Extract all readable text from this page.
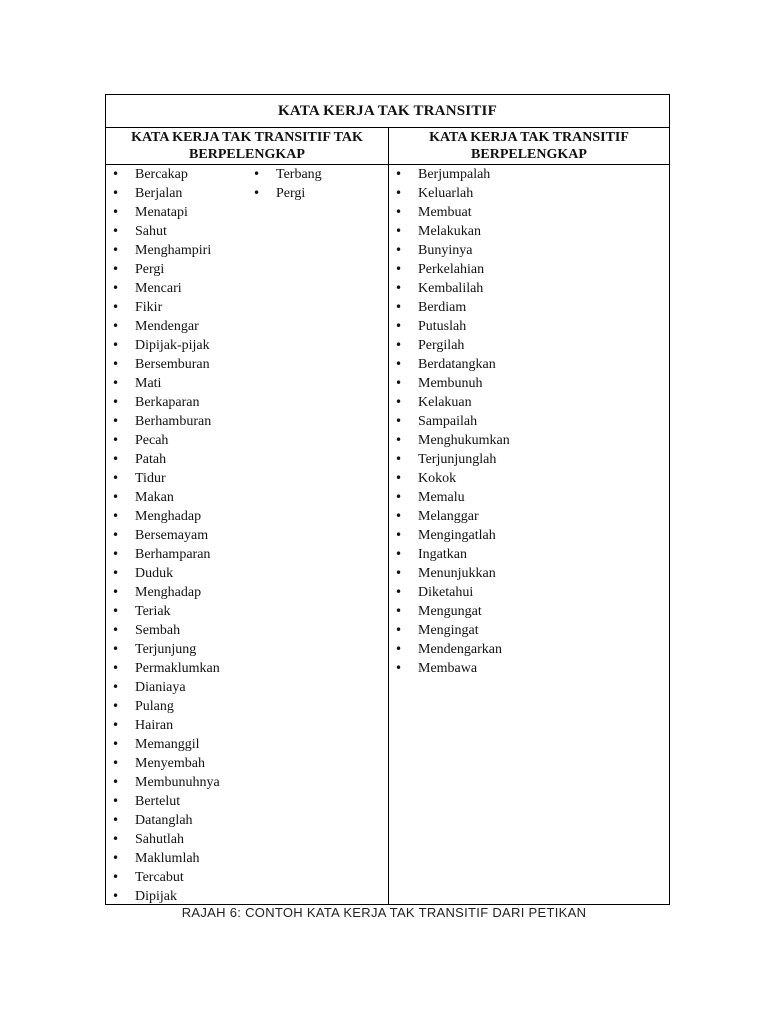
KATA KERJA TAK TRANSITIF
KATA KERJA TAK TRANSITIF TAK BERPELENGKAP
KATA KERJA TAK TRANSITIF BERPELENGKAP
• Bercakap
• Berjalan
• Menatapi
• Sahut
• Menghampiri
• Pergi
• Mencari
• Fikir
• Mendengar
• Dipijak-pijak
• Bersemburan
• Mati
• Berkaparan
• Berhamburan
• Pecah
• Patah
• Tidur
• Makan
• Menghadap
• Bersemayam
• Berhamparan
• Duduk
• Menghadap
• Teriak
• Sembah
• Terjunjung
• Permaklumkan
• Dianiaya
• Pulang
• Hairan
• Memanggil
• Menyembah
• Membunuhnya
• Bertelut
• Datanglah
• Sahutlah
• Maklumlah
• Tercabut
• Dipijak
• Terbang
• Pergi
• Berjumpalah
• Keluarlah
• Membuat
• Melakukan
• Bunyinya
• Perkelahian
• Kembalilah
• Berdiam
• Putuslah
• Pergilah
• Berdatangkan
• Membunuh
• Kelakuan
• Sampailah
• Menghukumkan
• Terjunjunglah
• Kokok
• Memalu
• Melanggar
• Mengingatlah
• Ingatkan
• Menunjukkan
• Diketahui
• Mengungat
• Mengingat
• Mendengarkan
• Membawa
RAJAH 6: CONTOH KATA KERJA TAK TRANSITIF DARI PETIKAN
